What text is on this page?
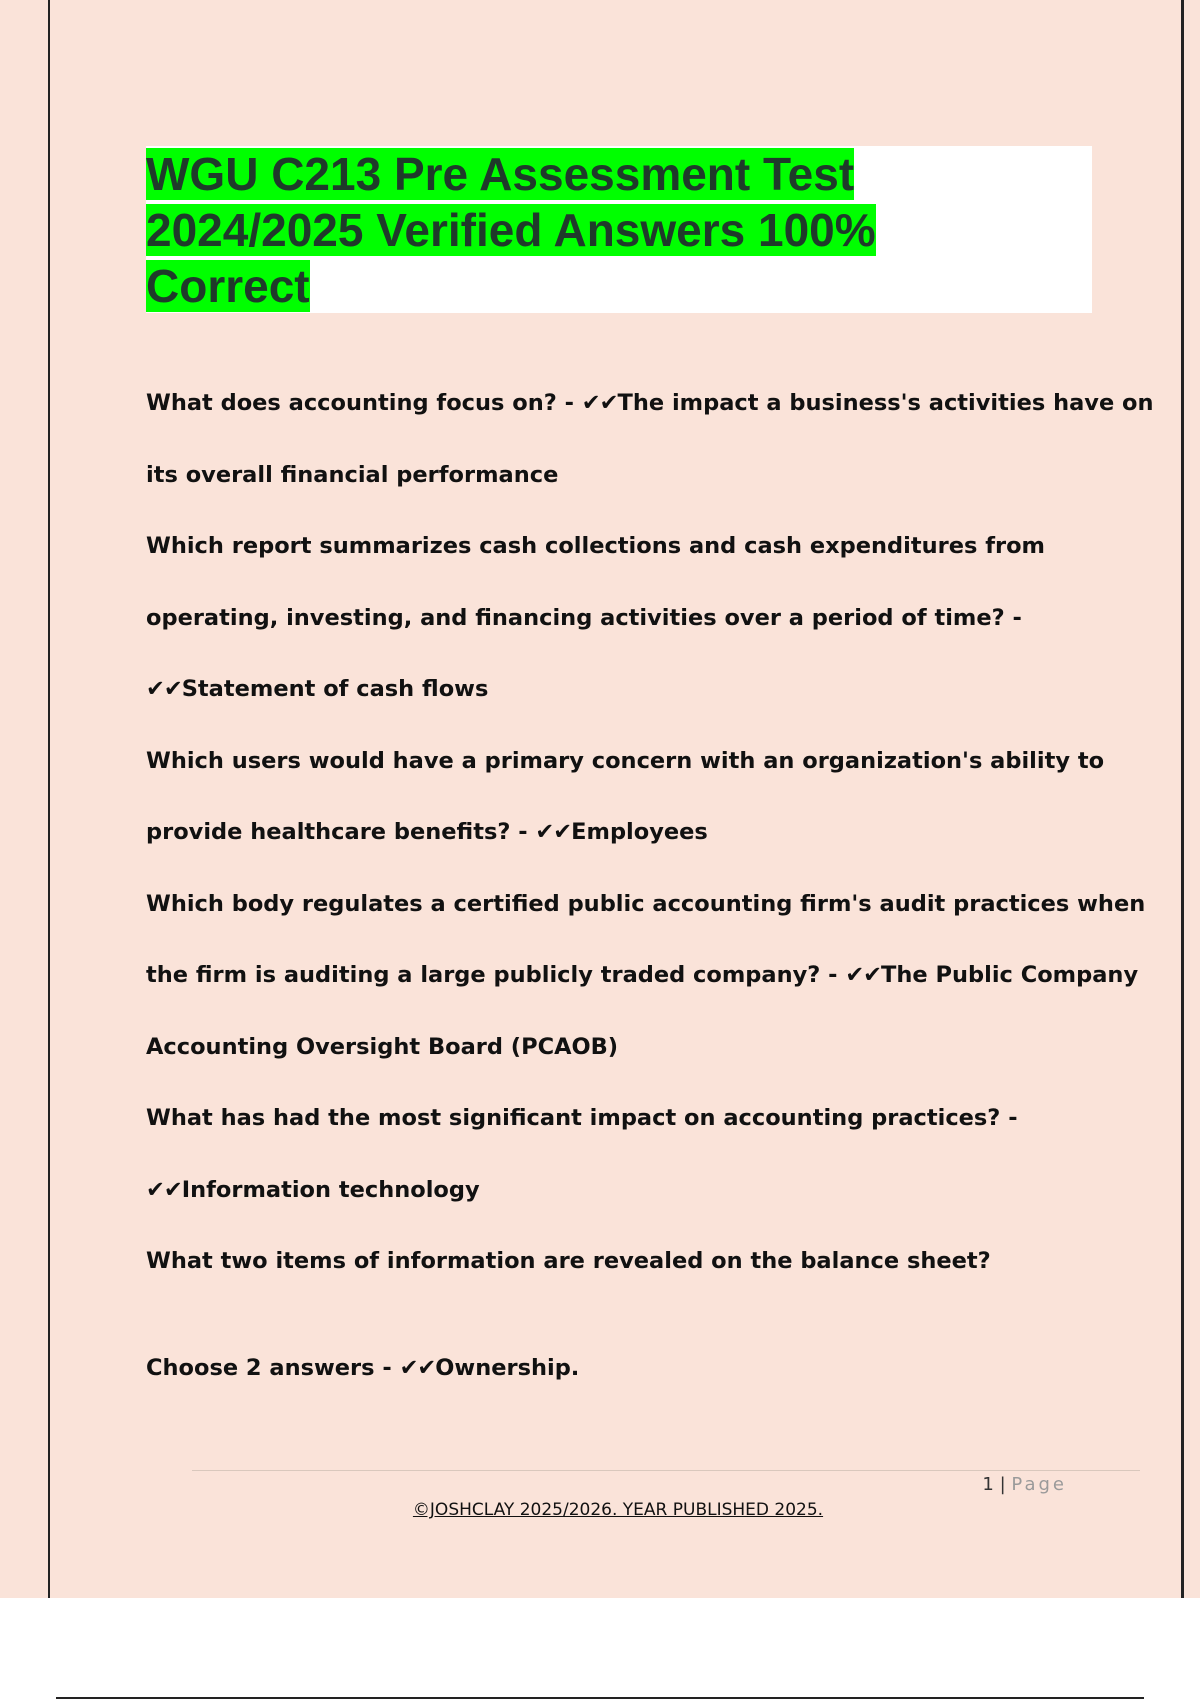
WGU C213 Pre Assessment Test
2024/2025 Verified Answers 100%
Correct
What does accounting focus on? - ✔✔The impact a business's activities have on
its overall financial performance
Which report summarizes cash collections and cash expenditures from
operating, investing, and financing activities over a period of time? -
✔✔Statement of cash flows
Which users would have a primary concern with an organization's ability to
provide healthcare benefits? - ✔✔Employees
Which body regulates a certified public accounting firm's audit practices when
the firm is auditing a large publicly traded company? - ✔✔The Public Company
Accounting Oversight Board (PCAOB)
What has had the most significant impact on accounting practices? -
✔✔Information technology
What two items of information are revealed on the balance sheet?
Choose 2 answers - ✔✔Ownership.
1 | Page
©JOSHCLAY 2025/2026. YEAR PUBLISHED 2025.
